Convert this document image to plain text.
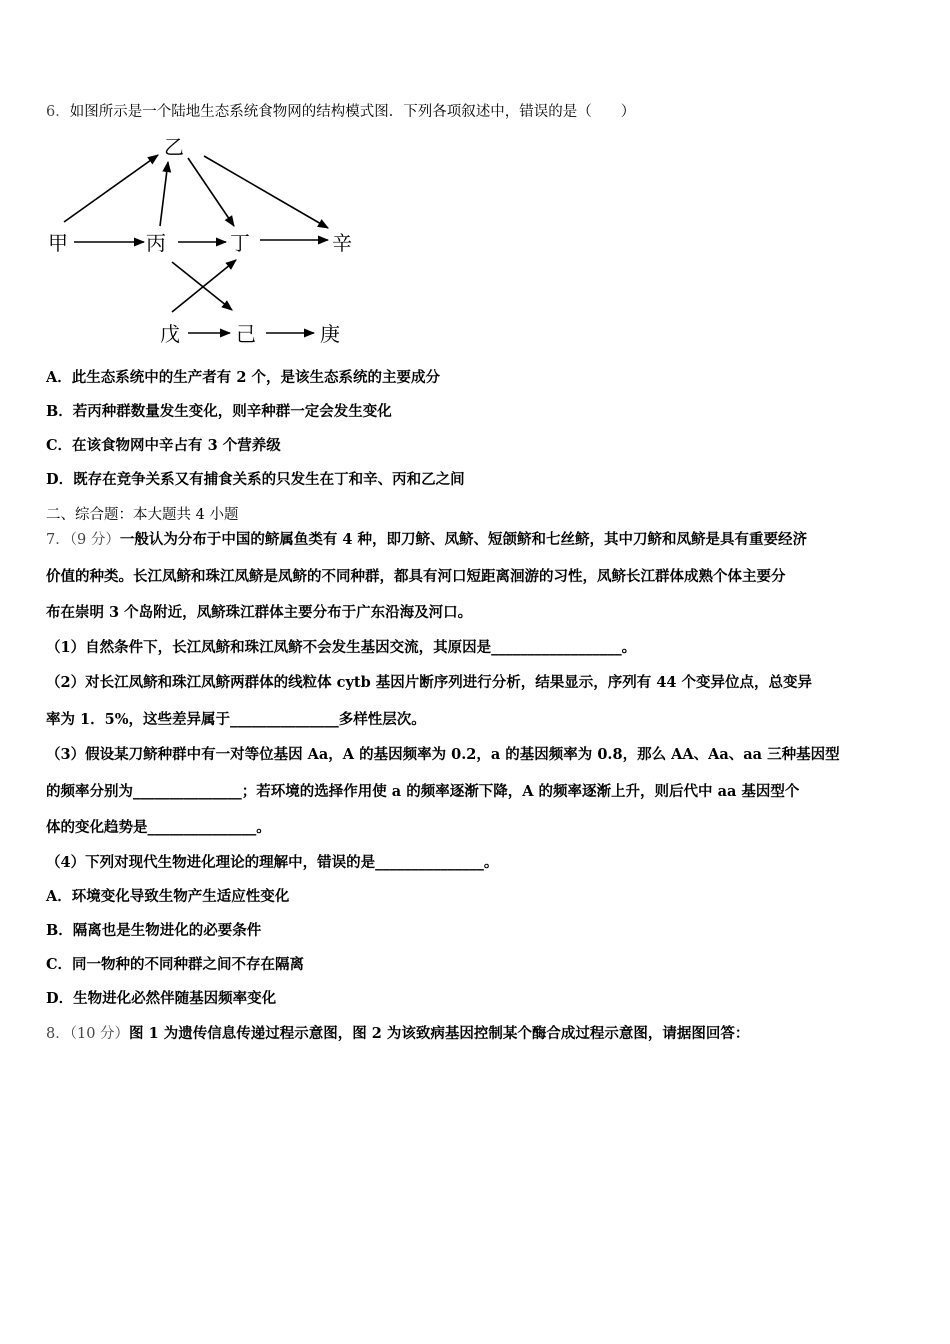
6．如图所示是一个陆地生态系统食物网的结构模式图．下列各项叙述中，错误的是（　　）
乙
甲	丙	丁	辛
戊	己	庚
A．此生态系统中的生产者有 2 个，是该生态系统的主要成分
B．若丙种群数量发生变化，则辛种群一定会发生变化
C．在该食物网中辛占有 3 个营养级
D．既存在竞争关系又有捕食关系的只发生在丁和辛、丙和乙之间
二、综合题：本大题共 4 小题
7．（9 分）一般认为分布于中国的鲚属鱼类有 4 种，即刀鲚、凤鲚、短颌鲚和七丝鲚，其中刀鲚和凤鲚是具有重要经济
价值的种类。长江凤鲚和珠江凤鲚是凤鲚的不同种群，都具有河口短距离洄游的习性，凤鲚长江群体成熟个体主要分
布在崇明 3 个岛附近，凤鲚珠江群体主要分布于广东沿海及河口。
（1）自然条件下，长江凤鲚和珠江凤鲚不会发生基因交流，其原因是__________________。
（2）对长江凤鲚和珠江凤鲚两群体的线粒体 cytb 基因片断序列进行分析，结果显示，序列有 44 个变异位点，总变异
率为 1．5%，这些差异属于_______________多样性层次。
（3）假设某刀鲚种群中有一对等位基因 Aa，A 的基因频率为 0.2，a 的基因频率为 0.8，那么 AA、Aa、aa 三种基因型
的频率分别为_______________；若环境的选择作用使 a 的频率逐渐下降，A 的频率逐渐上升，则后代中 aa 基因型个
体的变化趋势是_______________。
（4）下列对现代生物进化理论的理解中，错误的是_______________。
A．环境变化导致生物产生适应性变化
B．隔离也是生物进化的必要条件
C．同一物种的不同种群之间不存在隔离
D．生物进化必然伴随基因频率变化
8．（10 分）图 1 为遗传信息传递过程示意图，图 2 为该致病基因控制某个酶合成过程示意图，请据图回答：
